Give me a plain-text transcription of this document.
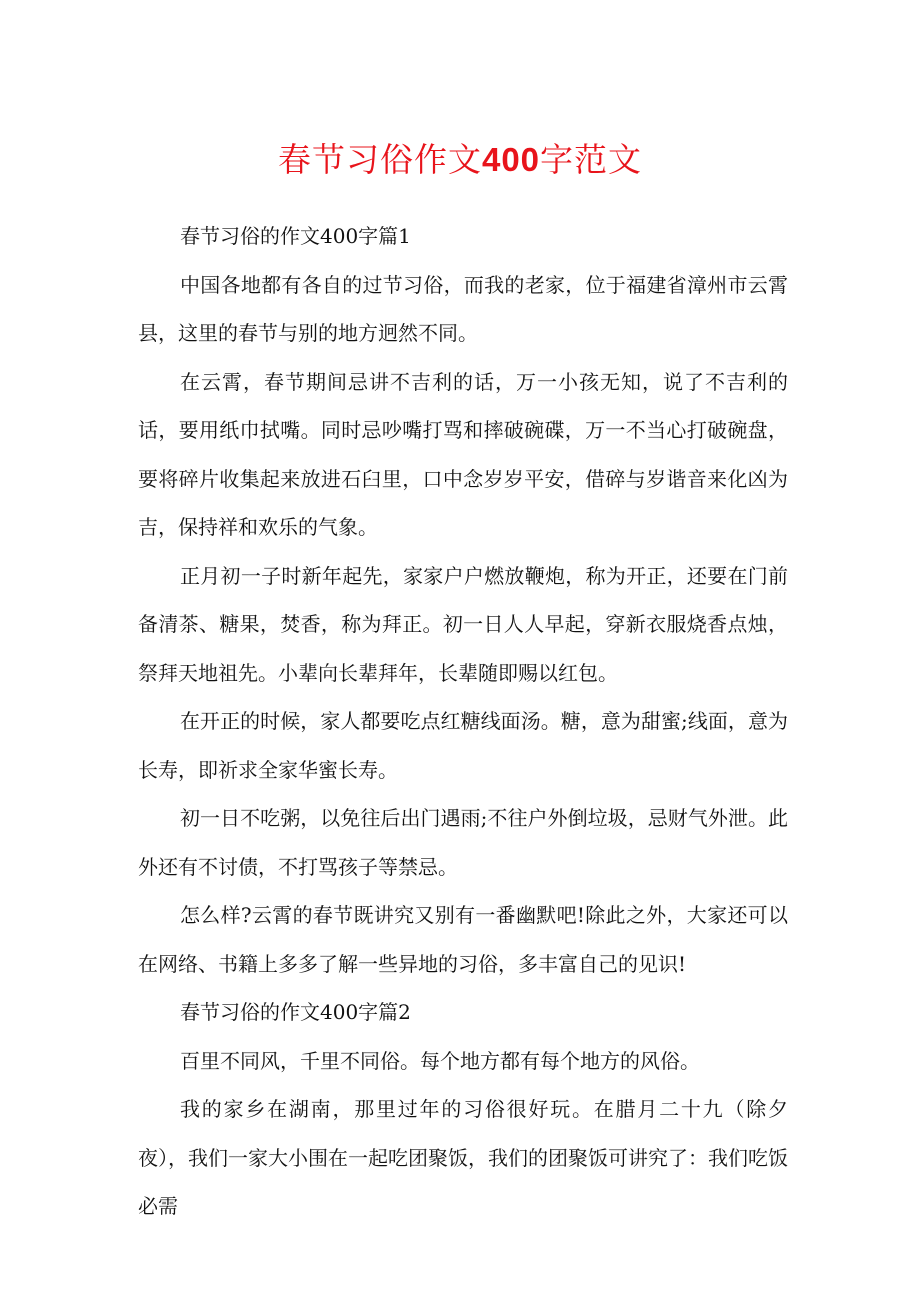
春节习俗作文400字范文

春节习俗的作文400字篇1

中国各地都有各自的过节习俗，而我的老家，位于福建省漳州市云霄县，这里的春节与别的地方迥然不同。

在云霄，春节期间忌讲不吉利的话，万一小孩无知，说了不吉利的话，要用纸巾拭嘴。同时忌吵嘴打骂和摔破碗碟，万一不当心打破碗盘，要将碎片收集起来放进石臼里，口中念岁岁平安，借碎与岁谐音来化凶为吉，保持祥和欢乐的气象。

正月初一子时新年起先，家家户户燃放鞭炮，称为开正，还要在门前备清茶、糖果，焚香，称为拜正。初一日人人早起，穿新衣服烧香点烛，祭拜天地祖先。小辈向长辈拜年，长辈随即赐以红包。

在开正的时候，家人都要吃点红糖线面汤。糖，意为甜蜜;线面，意为长寿，即祈求全家华蜜长寿。

初一日不吃粥，以免往后出门遇雨;不往户外倒垃圾，忌财气外泄。此外还有不讨债，不打骂孩子等禁忌。

怎么样?云霄的春节既讲究又别有一番幽默吧!除此之外，大家还可以在网络、书籍上多多了解一些异地的习俗，多丰富自己的见识!

春节习俗的作文400字篇2

百里不同风，千里不同俗。每个地方都有每个地方的风俗。

我的家乡在湖南，那里过年的习俗很好玩。在腊月二十九（除夕夜），我们一家大小围在一起吃团聚饭，我们的团聚饭可讲究了：我们吃饭必需
